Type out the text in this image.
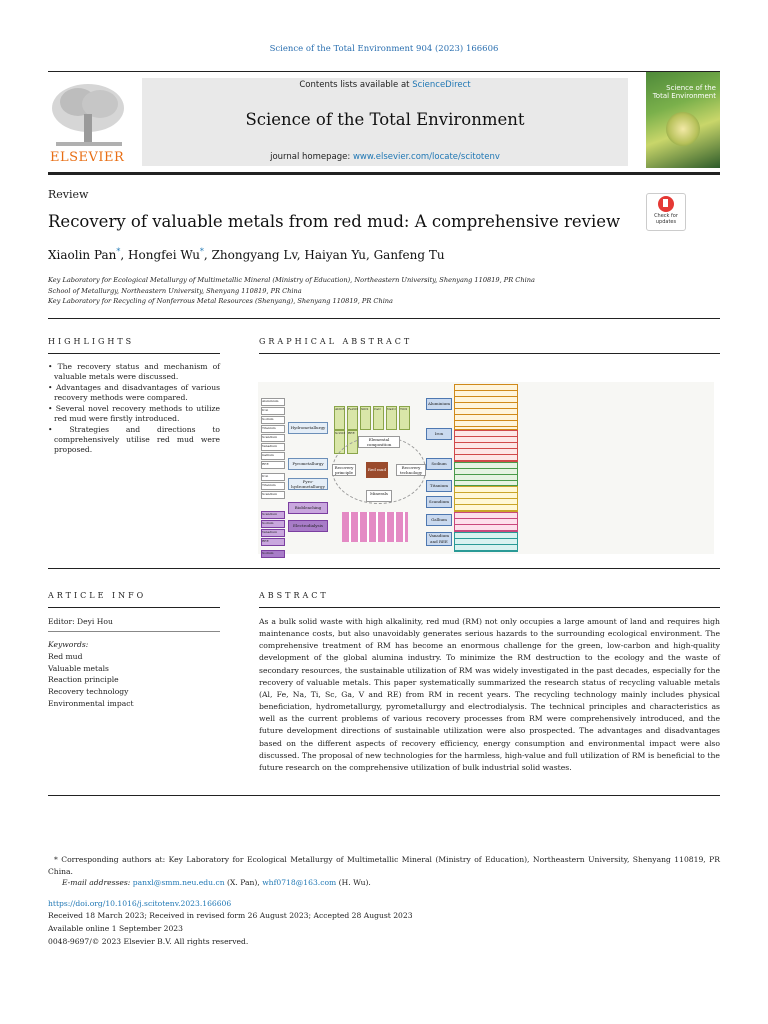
Science of the Total Environment 904 (2023) 166606
ELSEVIER
Contents lists available at ScienceDirect
Science of the Total Environment
journal homepage: www.elsevier.com/locate/scitotenv
Science of the
Total Environment
Review
Recovery of valuable metals from red mud: A comprehensive review	Check for
updates
Xiaolin Pan*, Hongfei Wu*, Zhongyang Lv, Haiyan Yu, Ganfeng Tu
Key Laboratory for Ecological Metallurgy of Multimetallic Mineral (Ministry of Education), Northeastern University, Shenyang 110819, PR China
School of Metallurgy, Northeastern University, Shenyang 110819, PR China
Key Laboratory for Recycling of Nonferrous Metal Resources (Shenyang), Shenyang 110819, PR China
HIGHLIGHTS
• The recovery status and mechanism of valuable metals were discussed.
• Advantages and disadvantages of various recovery methods were compared.
• Several novel recovery methods to utilize red mud were firstly introduced.
• Strategies and directions to comprehensively utilise red mud were proposed.
GRAPHICAL ABSTRACT
Aluminium
Iron
Sodium
Titanium
Scandium
Vanadium
Gallium
REE
Iron
Titanium
Scandium
Scandium
Sodium
Vanadium
REE
Sodium
Hydrometallurgy
Pyrometallurgy
Pyro-hydrometallurgy
Biobleaching
Electrodialysis
Al2O3	Fe2O3	SiO2	CaO	Na2O	TiO2
Sc2O3 REE
Elemental composition
Recovery principle
Red mud	Recovery technology
Minerals
Aluminium
Iron
Sodium
Titanium
Scandium
Gallium
Vanadium and REE
ARTICLE INFO
Editor: Deyi Hou
Keywords:
Red mud
Valuable metals
Reaction principle
Recovery technology
Environmental impact
ABSTRACT
As a bulk solid waste with high alkalinity, red mud (RM) not only occupies a large amount of land and requires high maintenance costs, but also unavoidably generates serious hazards to the surrounding ecological environment. The comprehensive treatment of RM has become an enormous challenge for the green, low-carbon and high-quality development of the global alumina industry. To minimize the RM destruction to the ecology and the waste of secondary resources, the sustainable utilization of RM was widely investigated in the past decades, especially for the recovery of valuable metals. This paper systematically summarized the research status of recycling valuable metals (Al, Fe, Na, Ti, Sc, Ga, V and RE) from RM in recent years. The recycling technology mainly includes physical beneficiation, hydrometallurgy, pyrometallurgy and electrodialysis. The technical principles and characteristics as well as the current problems of various recovery processes from RM were comprehensively introduced, and the future development directions of sustainable utilization were also prospected. The advantages and disadvantages based on the different aspects of recovery efficiency, energy consumption and environmental impact were also discussed. The proposal of new technologies for the harmless, high-value and full utilization of RM is beneficial to the future research on the comprehensive utilization of bulk industrial solid wastes.
* Corresponding authors at: Key Laboratory for Ecological Metallurgy of Multimetallic Mineral (Ministry of Education), Northeastern University, Shenyang 110819, PR China.
E-mail addresses: panxl@smm.neu.edu.cn (X. Pan), whf0718@163.com (H. Wu).
https://doi.org/10.1016/j.scitotenv.2023.166606
Received 18 March 2023; Received in revised form 26 August 2023; Accepted 28 August 2023
Available online 1 September 2023
0048-9697/© 2023 Elsevier B.V. All rights reserved.
